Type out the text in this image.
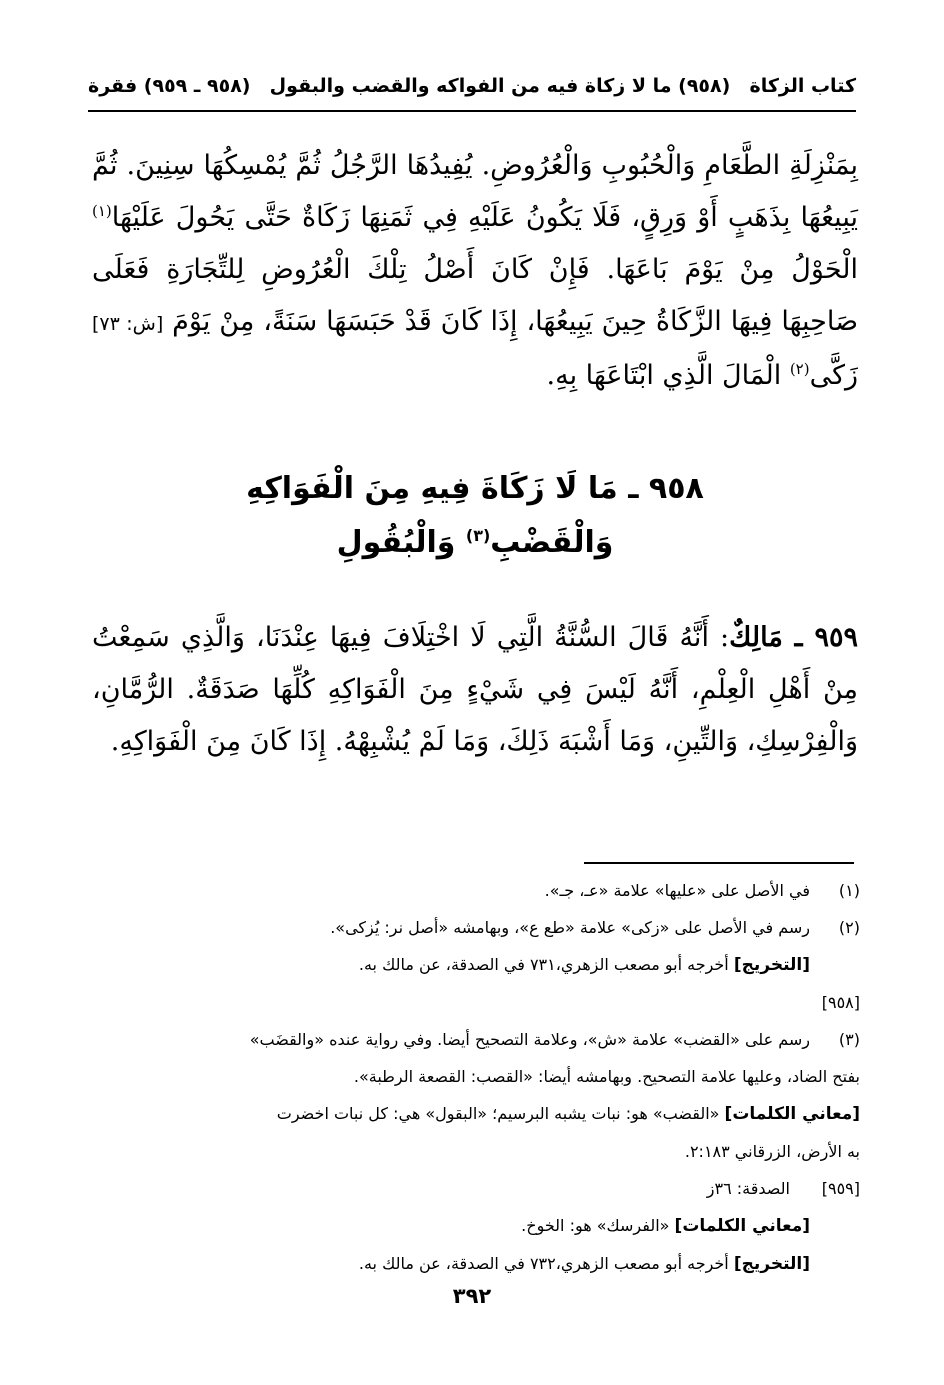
كتاب الزكاة
(٩٥٨) ما لا زكاة فيه من الفواكه والقضب والبقول
(٩٥٨ ـ ٩٥٩) فقرة

بِمَنْزِلَةِ الطَّعَامِ وَالْحُبُوبِ وَالْعُرُوضِ. يُفِيدُهَا الرَّجُلُ ثُمَّ يُمْسِكُهَا سِنِينَ. ثُمَّ يَبِيعُهَا بِذَهَبٍ أَوْ وَرِقٍ، فَلَا يَكُونُ عَلَيْهِ فِي ثَمَنِهَا زَكَاةٌ حَتَّى يَحُولَ عَلَيْهَا$^{(١)}$ الْحَوْلُ مِنْ يَوْمَ بَاعَهَا. فَإِنْ كَانَ أَصْلُ تِلْكَ الْعُرُوضِ لِلتِّجَارَةِ فَعَلَى صَاحِبِهَا فِيهَا الزَّكَاةُ حِينَ يَبِيعُهَا، إِذَا كَانَ قَدْ حَبَسَهَا سَنَةً، مِنْ يَوْمَ [ش: ٧٣] زَكَّى$^{(٢)}$ الْمَالَ الَّذِي ابْتَاعَهَا بِهِ.

٩٥٨ ـ مَا لَا زَكَاةَ فِيهِ مِنَ الْفَوَاكِهِ
وَالْقَضْبِ$^{(٣)}$ وَالْبُقُولِ

٩٥٩ ـ مَالِكٌ: أَنَّهُ قَالَ السُّنَّةُ الَّتِي لَا اخْتِلَافَ فِيهَا عِنْدَنَا، وَالَّذِي سَمِعْتُ مِنْ أَهْلِ الْعِلْمِ، أَنَّهُ لَيْسَ فِي شَيْءٍ مِنَ الْفَوَاكِهِ كُلِّهَا صَدَقَةٌ. الرُّمَّانِ، وَالْفِرْسِكِ، وَالتِّينِ، وَمَا أَشْبَهَ ذَلِكَ، وَمَا لَمْ يُشْبِهْهُ. إِذَا كَانَ مِنَ الْفَوَاكِهِ.

(١)
في الأصل على «عليها» علامة «عـ، جـ».
(٢)
رسم في الأصل على «زكى» علامة «طع ع»، وبهامشه «أصل نر: يُزكى».
[التخريج] أخرجه أبو مصعب الزهري،٧٣١ في الصدقة، عن مالك به.
[٩٥٨]
(٣)
رسم على «القضب» علامة «ش»، وعلامة التصحيح أيضا. وفي رواية عنده «والقضَب»
بفتح الضاد، وعليها علامة التصحيح. وبهامشه أيضا: «القصب: القصعة الرطبة».
[معاني الكلمات] «القضب» هو: نبات يشبه البرسيم؛ «البقول» هي: كل نبات اخضرت
به الأرض، الزرقاني ٢:١٨٣.
[٩٥٩]
الصدقة: ٣٦ز
[معاني الكلمات] «الفرسك» هو: الخوخ.
[التخريج] أخرجه أبو مصعب الزهري،٧٣٢ في الصدقة، عن مالك به.
٣٩٢
